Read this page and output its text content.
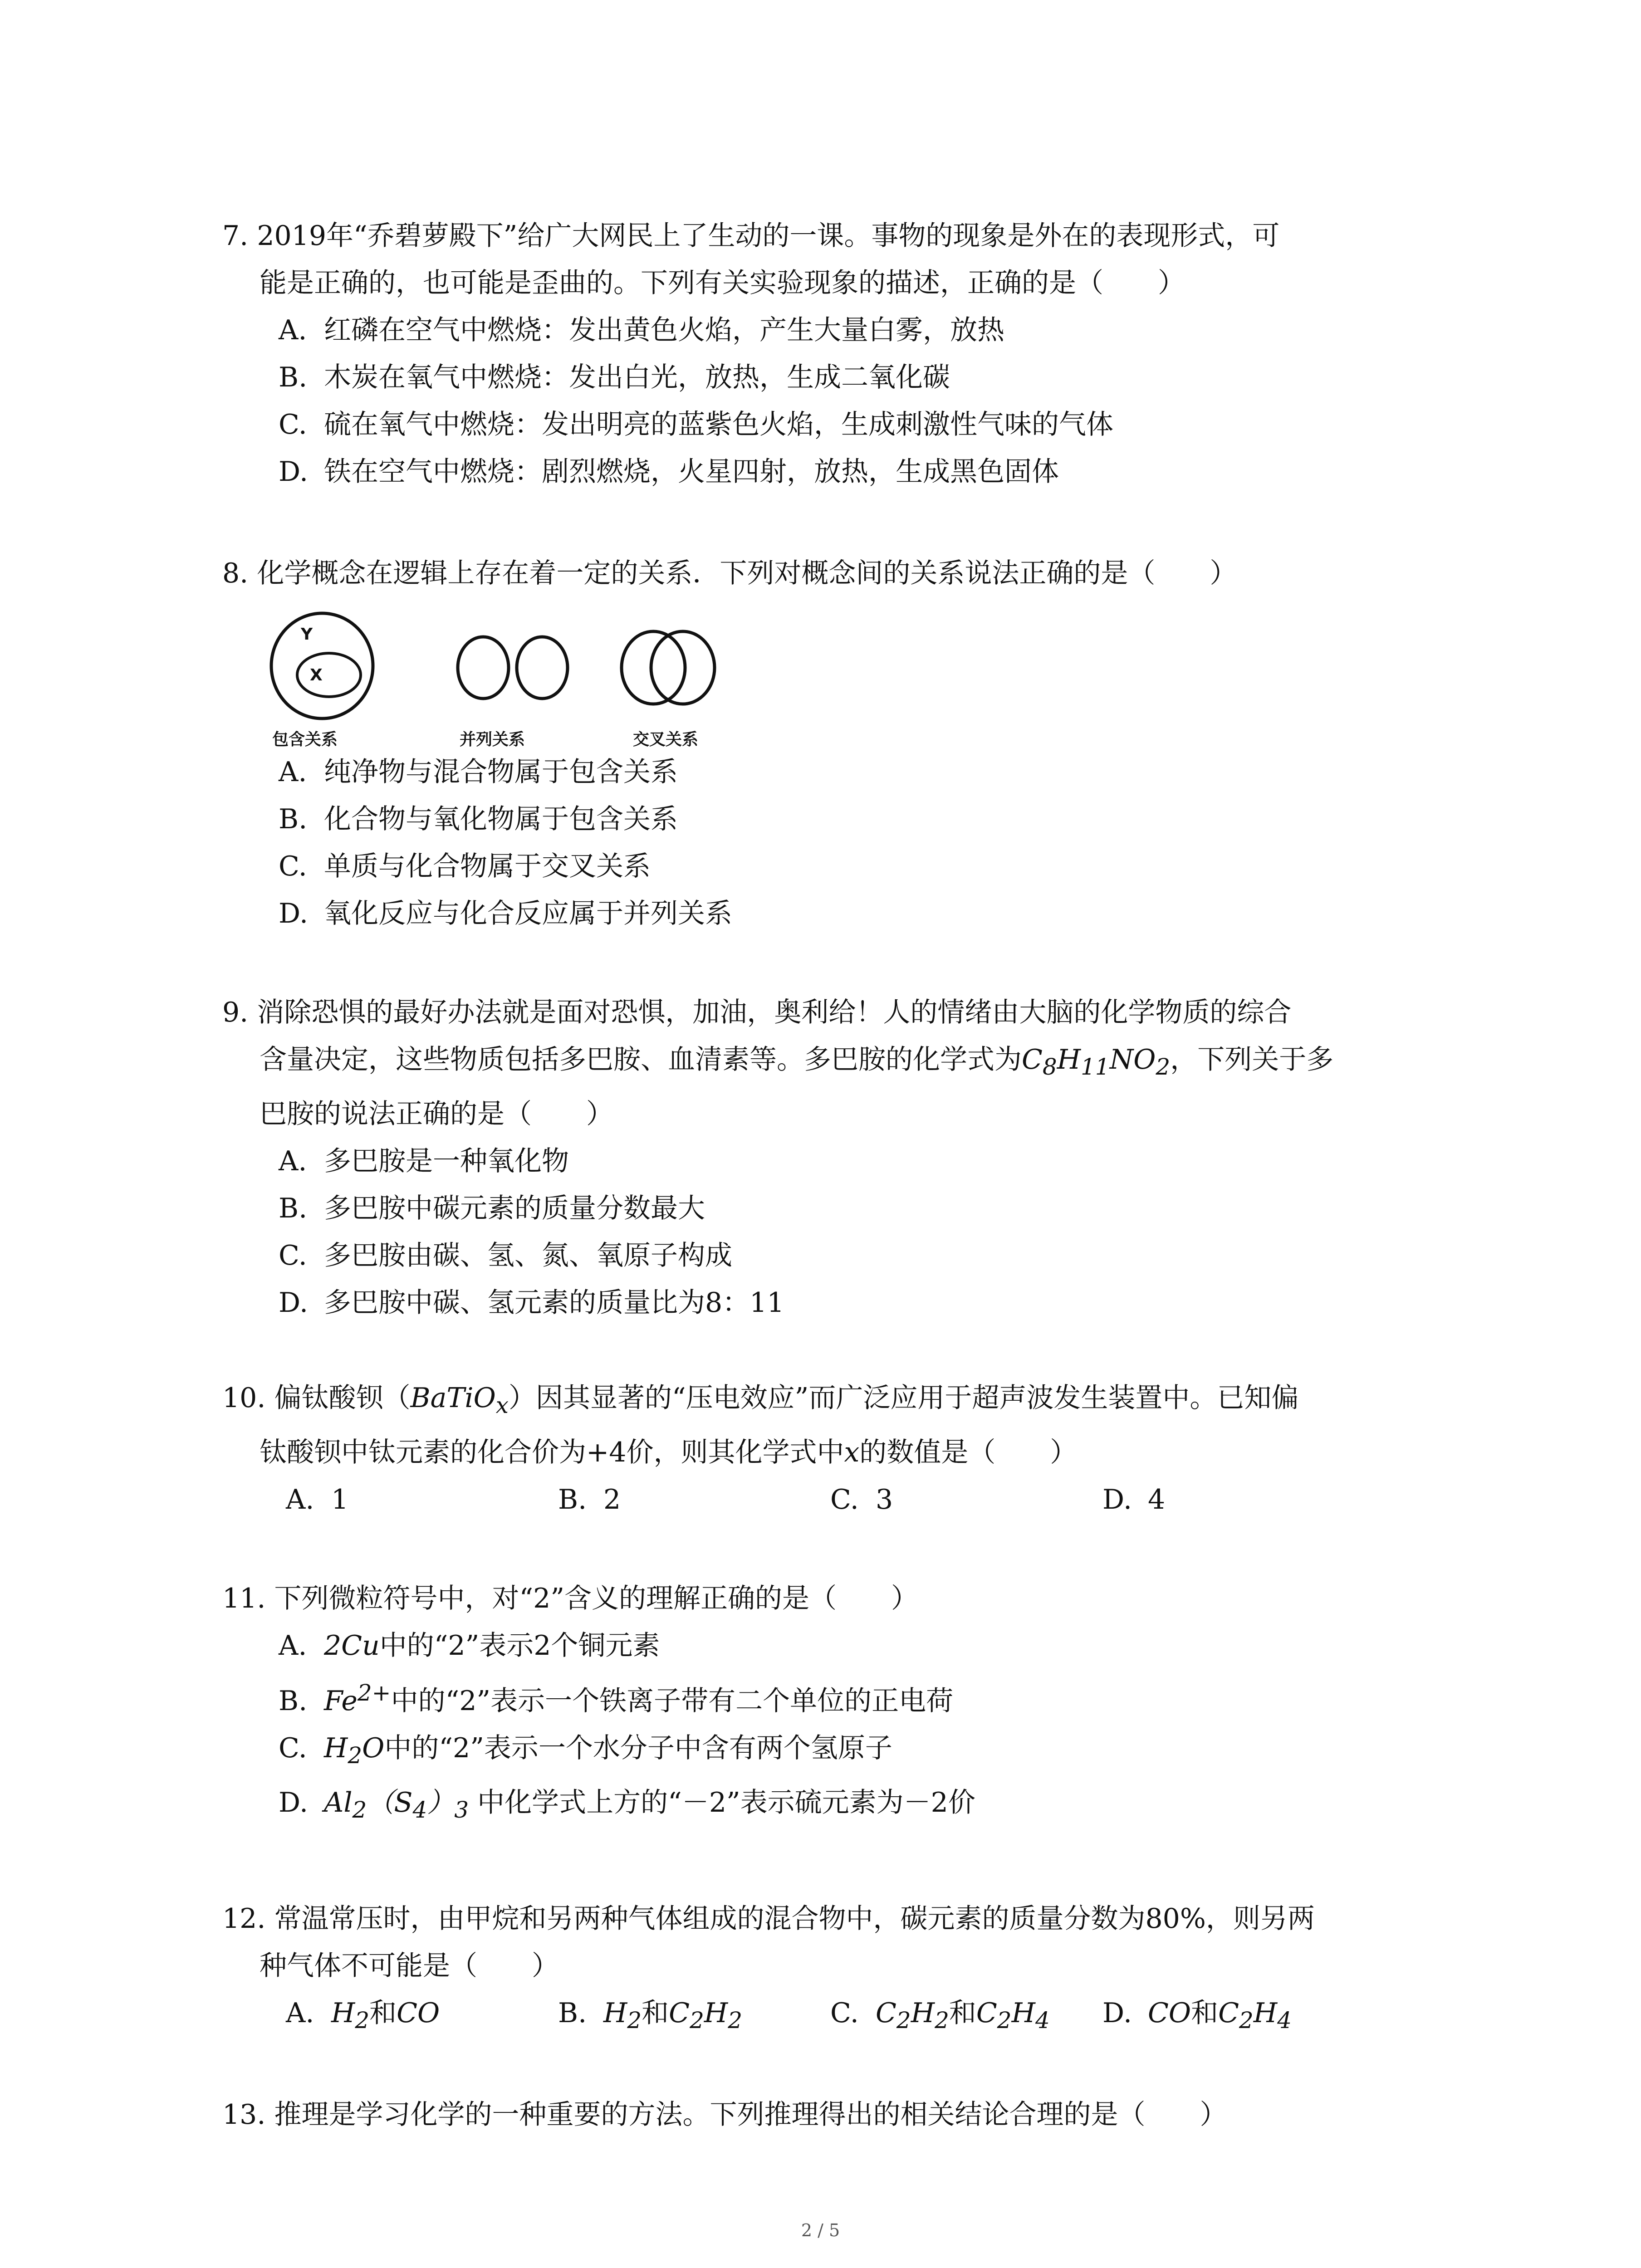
7. 2019年“乔碧萝殿下”给广大网民上了生动的一课。事物的现象是外在的表现形式，可
能是正确的，也可能是歪曲的。下列有关实验现象的描述，正确的是（　　）
A. 红磷在空气中燃烧：发出黄色火焰，产生大量白雾，放热
B. 木炭在氧气中燃烧：发出白光，放热，生成二氧化碳
C. 硫在氧气中燃烧：发出明亮的蓝紫色火焰，生成刺激性气味的气体
D. 铁在空气中燃烧：剧烈燃烧，火星四射，放热，生成黑色固体
8. 化学概念在逻辑上存在着一定的关系．下列对概念间的关系说法正确的是（　　）
Y
X
包含关系	并列关系	交叉关系
A. 纯净物与混合物属于包含关系
B. 化合物与氧化物属于包含关系
C. 单质与化合物属于交叉关系
D. 氧化反应与化合反应属于并列关系
9. 消除恐惧的最好办法就是面对恐惧，加油，奥利给！人的情绪由大脑的化学物质的综合
含量决定，这些物质包括多巴胺、血清素等。多巴胺的化学式为$C_8H_{11}NO_2$，下列关于多
巴胺的说法正确的是（　　）
A. 多巴胺是一种氧化物
B. 多巴胺中碳元素的质量分数最大
C. 多巴胺由碳、氢、氮、氧原子构成
D. 多巴胺中碳、氢元素的质量比为8：11
10. 偏钛酸钡（BaTiO$_x$）因其显著的“压电效应”而广泛应用于超声波发生装置中。已知偏
钛酸钡中钛元素的化合价为+4价，则其化学式中x的数值是（　　）
A. 1	B. 2	C. 3	D. 4
11. 下列微粒符号中，对“2”含义的理解正确的是（　　）
A. 2Cu中的“2”表示2个铜元素
B. $Fe^{2+}$中的“2”表示一个铁离子带有二个单位的正电荷
C. $H_2O$中的“2”表示一个水分子中含有两个氢原子
D. $Al_2(S_4)_3$ 中化学式上方的“－2”表示硫元素为－2价
12. 常温常压时，由甲烷和另两种气体组成的混合物中，碳元素的质量分数为80%，则另两
种气体不可能是（　　）
A. $H_2$和CO	B. $H_2$和$C_2H_2$	C. $C_2H_2$和$C_2H_4$	D. CO和$C_2H_4$
13. 推理是学习化学的一种重要的方法。下列推理得出的相关结论合理的是（　　）
2 / 5
